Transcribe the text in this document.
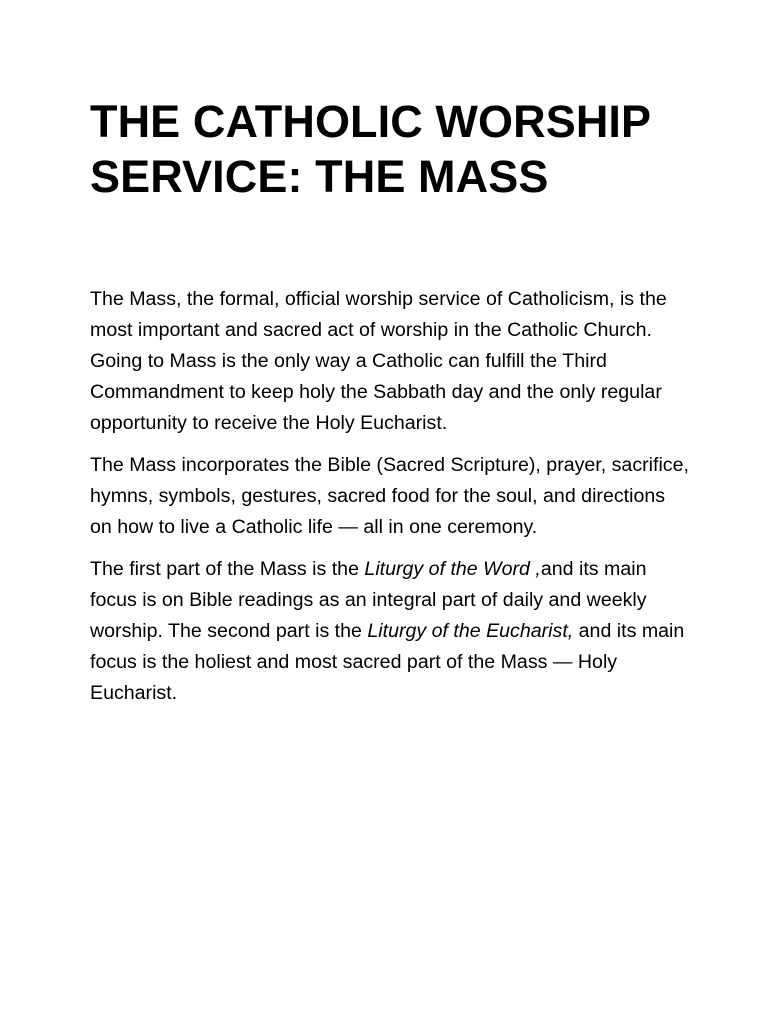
THE CATHOLIC WORSHIP SERVICE: THE MASS

The Mass, the formal, official worship service of Catholicism, is the most important and sacred act of worship in the Catholic Church. Going to Mass is the only way a Catholic can fulfill the Third Commandment to keep holy the Sabbath day and the only regular opportunity to receive the Holy Eucharist.

The Mass incorporates the Bible (Sacred Scripture), prayer, sacrifice, hymns, symbols, gestures, sacred food for the soul, and directions on how to live a Catholic life — all in one ceremony.

The first part of the Mass is the Liturgy of the Word ,and its main focus is on Bible readings as an integral part of daily and weekly worship. The second part is the Liturgy of the Eucharist, and its main focus is the holiest and most sacred part of the Mass — Holy Eucharist.
